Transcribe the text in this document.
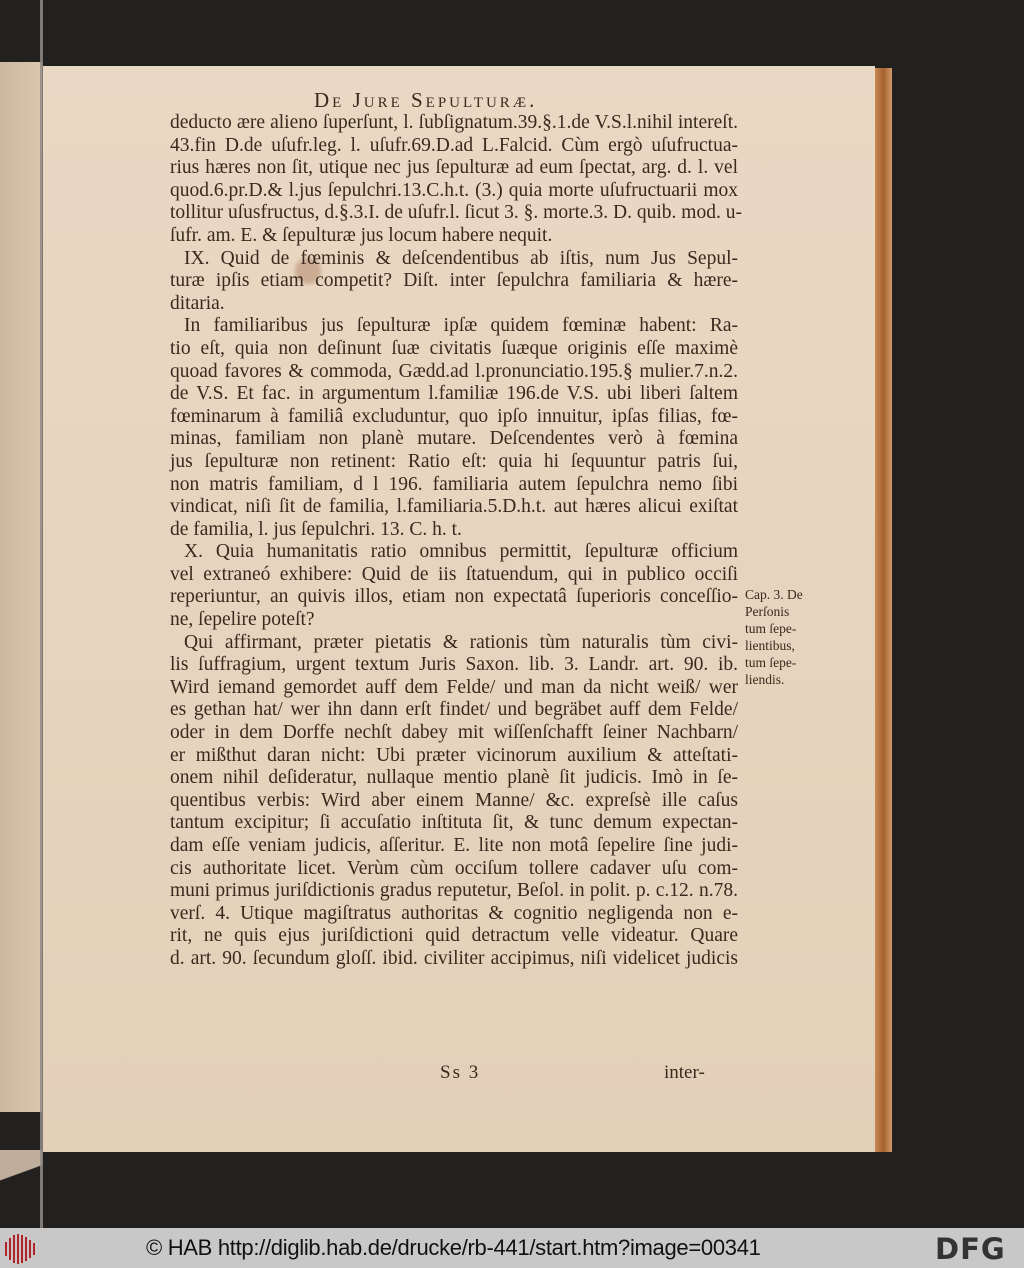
De Jure Sepulturæ.
deducto ære alieno ſuperſunt, l. ſubſignatum.39.§.1.de V.S.l.nihil intereſt.
43.fin D.de uſufr.leg. l. uſufr.69.D.ad L.Falcid. Cùm ergò uſufructua-
rius hæres non ſit, utique nec jus ſepulturæ ad eum ſpectat, arg. d. l. vel
quod.6.pr.D.& l.jus ſepulchri.13.C.h.t. (3.) quia morte uſufructuarii mox
tollitur uſusfructus, d.§.3.I. de uſufr.l. ſicut 3. §. morte.3. D. quib. mod. u-
ſufr. am. E. & ſepulturæ jus locum habere nequit.
IX. Quid de fœminis & deſcendentibus ab iſtis, num Jus Sepul-
turæ ipſis etiam competit? Diſt. inter ſepulchra familiaria & hære-
ditaria.
In familiaribus jus ſepulturæ ipſæ quidem fœminæ habent: Ra-
tio eſt, quia non deſinunt ſuæ civitatis ſuæque originis eſſe maximè
quoad favores & commoda, Gædd.ad l.pronunciatio.195.§ mulier.7.n.2.
de V.S. Et fac. in argumentum l.familiæ 196.de V.S. ubi liberi ſaltem
fœminarum à familiâ excluduntur, quo ipſo innuitur, ipſas filias, fœ-
minas, familiam non planè mutare. Deſcendentes verò à fœmina
jus ſepulturæ non retinent: Ratio eſt: quia hi ſequuntur patris ſui,
non matris familiam, d l 196. familiaria autem ſepulchra nemo ſibi
vindicat, niſi ſit de familia, l.familiaria.5.D.h.t. aut hæres alicui exiſtat
de familia, l. jus ſepulchri. 13. C. h. t.
X. Quia humanitatis ratio omnibus permittit, ſepulturæ officium
vel extraneó exhibere: Quid de iis ſtatuendum, qui in publico occiſi
reperiuntur, an quivis illos, etiam non expectatâ ſuperioris conceſſio-
ne, ſepelire poteſt?
Qui affirmant, præter pietatis & rationis tùm naturalis tùm civi-
lis ſuffragium, urgent textum Juris Saxon. lib. 3. Landr. art. 90. ib.
Wird iemand gemordet auff dem Felde/ und man da nicht weiß/ wer
es gethan hat/ wer ihn dann erſt findet/ und begräbet auff dem Felde/
oder in dem Dorffe nechſt dabey mit wiſſenſchafft ſeiner Nachbarn/
er mißthut daran nicht: Ubi præter vicinorum auxilium & atteſtati-
onem nihil deſideratur, nullaque mentio planè ſit judicis. Imò in ſe-
quentibus verbis: Wird aber einem Manne/ &c. expreſsè ille caſus
tantum excipitur; ſi accuſatio inſtituta ſit, & tunc demum expectan-
dam eſſe veniam judicis, aſſeritur. E. lite non motâ ſepelire ſine judi-
cis authoritate licet. Verùm cùm occiſum tollere cadaver uſu com-
muni primus juriſdictionis gradus reputetur, Beſol. in polit. p. c.12. n.78.
verſ. 4. Utique magiſtratus authoritas & cognitio negligenda non e-
rit, ne quis ejus juriſdictioni quid detractum velle videatur. Quare
d. art. 90. ſecundum gloſſ. ibid. civiliter accipimus, niſi videlicet judicis
Cap. 3. De
Perſonis
tum ſepe-
lientibus,
tum ſepe-
liendis.
Ss 3	inter-
© HAB http://diglib.hab.de/drucke/rb-441/start.htm?image=00341	DFG
